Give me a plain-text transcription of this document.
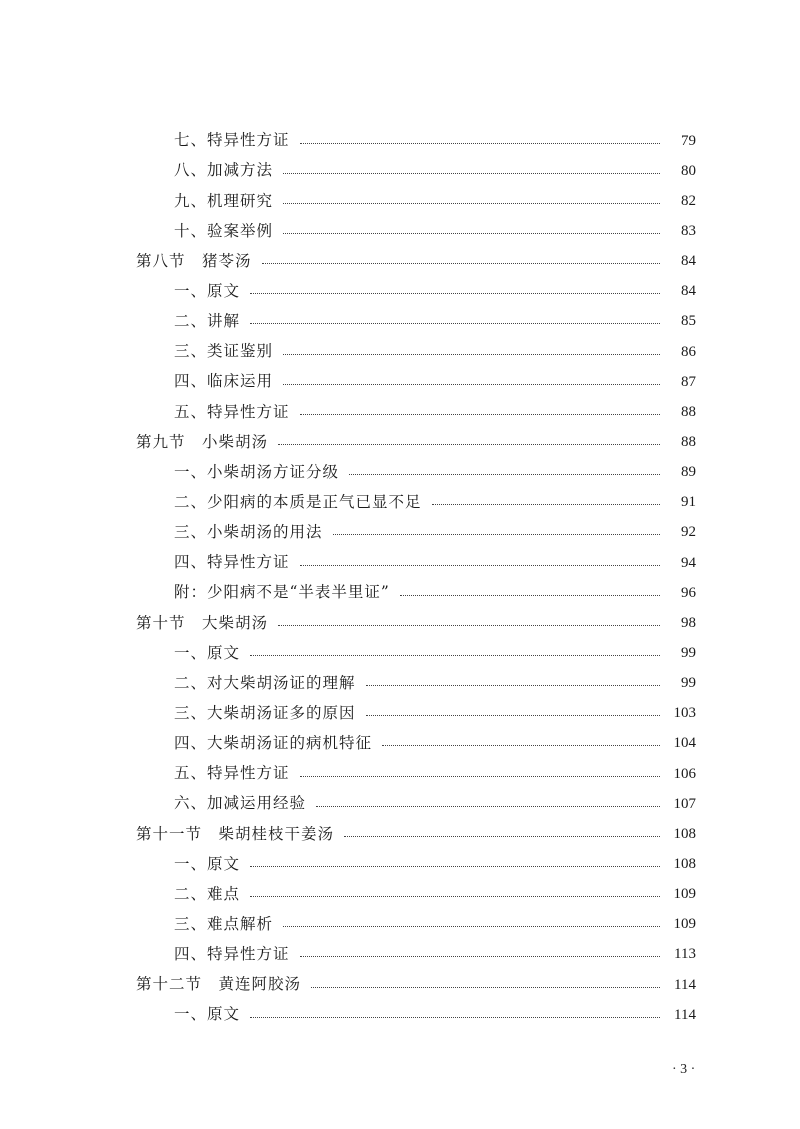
七、特异性方证	79
八、加减方法	80
九、机理研究	82
十、验案举例	83
第八节　猪苓汤	84
一、原文	84
二、讲解	85
三、类证鉴别	86
四、临床运用	87
五、特异性方证	88
第九节　小柴胡汤	88
一、小柴胡汤方证分级	89
二、少阳病的本质是正气已显不足	91
三、小柴胡汤的用法	92
四、特异性方证	94
附：少阳病不是“半表半里证”	96
第十节　大柴胡汤	98
一、原文	99
二、对大柴胡汤证的理解	99
三、大柴胡汤证多的原因	103
四、大柴胡汤证的病机特征	104
五、特异性方证	106
六、加减运用经验	107
第十一节　柴胡桂枝干姜汤	108
一、原文	108
二、难点	109
三、难点解析	109
四、特异性方证	113
第十二节　黄连阿胶汤	114
一、原文	114
· 3 ·
